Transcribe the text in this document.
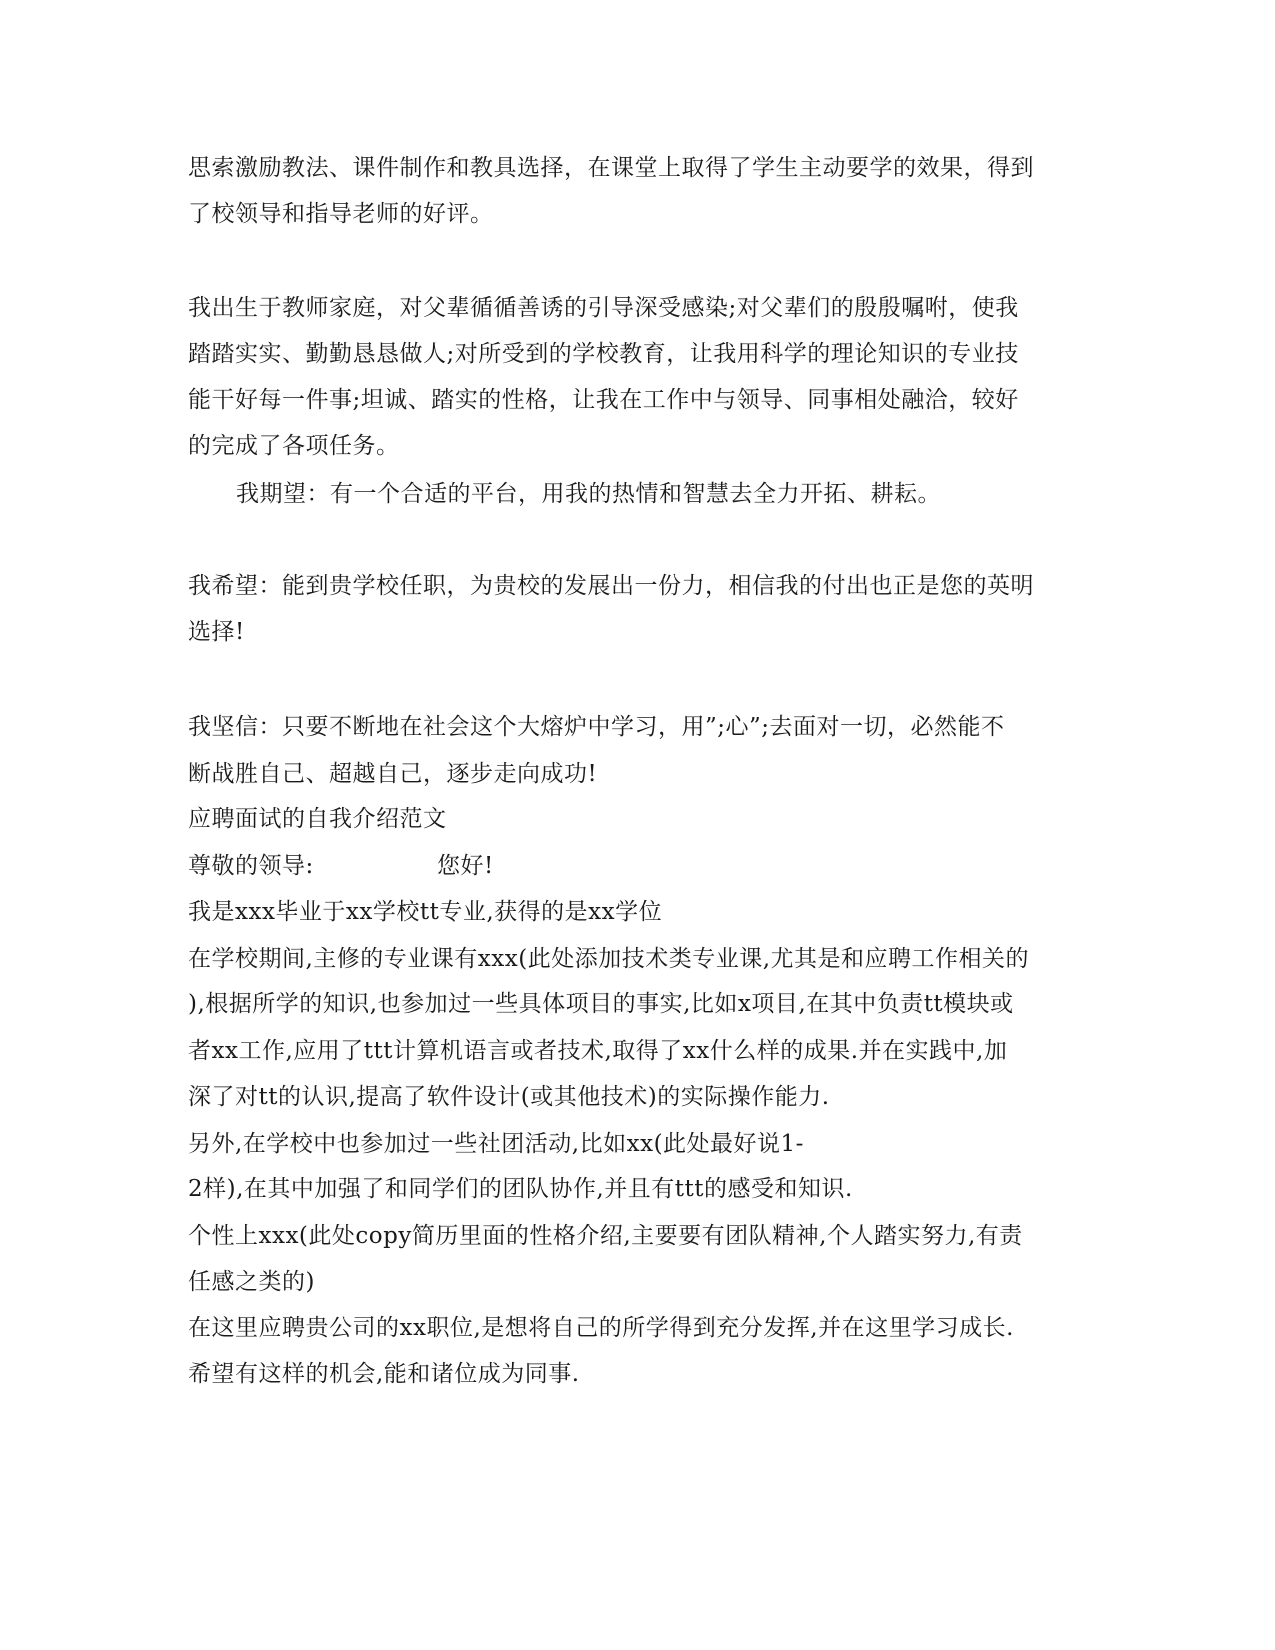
思索激励教法、课件制作和教具选择，在课堂上取得了学生主动要学的效果，得到
了校领导和指导老师的好评。
我出生于教师家庭，对父辈循循善诱的引导深受感染;对父辈们的殷殷嘱咐，使我
踏踏实实、勤勤恳恳做人;对所受到的学校教育，让我用科学的理论知识的专业技
能干好每一件事;坦诚、踏实的性格，让我在工作中与领导、同事相处融洽，较好
的完成了各项任务。
我期望：有一个合适的平台，用我的热情和智慧去全力开拓、耕耘。
我希望：能到贵学校任职，为贵校的发展出一份力，相信我的付出也正是您的英明
选择!
我坚信：只要不断地在社会这个大熔炉中学习，用”;心”;去面对一切，必然能不
断战胜自己、超越自己，逐步走向成功!
应聘面试的自我介绍范文
尊敬的领导:	您好!
我是xxx毕业于xx学校tt专业,获得的是xx学位
在学校期间,主修的专业课有xxx(此处添加技术类专业课,尤其是和应聘工作相关的
),根据所学的知识,也参加过一些具体项目的事实,比如x项目,在其中负责tt模块或
者xx工作,应用了ttt计算机语言或者技术,取得了xx什么样的成果.并在实践中,加
深了对tt的认识,提高了软件设计(或其他技术)的实际操作能力.
另外,在学校中也参加过一些社团活动,比如xx(此处最好说1-
2样),在其中加强了和同学们的团队协作,并且有ttt的感受和知识.
个性上xxx(此处copy简历里面的性格介绍,主要要有团队精神,个人踏实努力,有责
任感之类的)
在这里应聘贵公司的xx职位,是想将自己的所学得到充分发挥,并在这里学习成长.
希望有这样的机会,能和诸位成为同事.
